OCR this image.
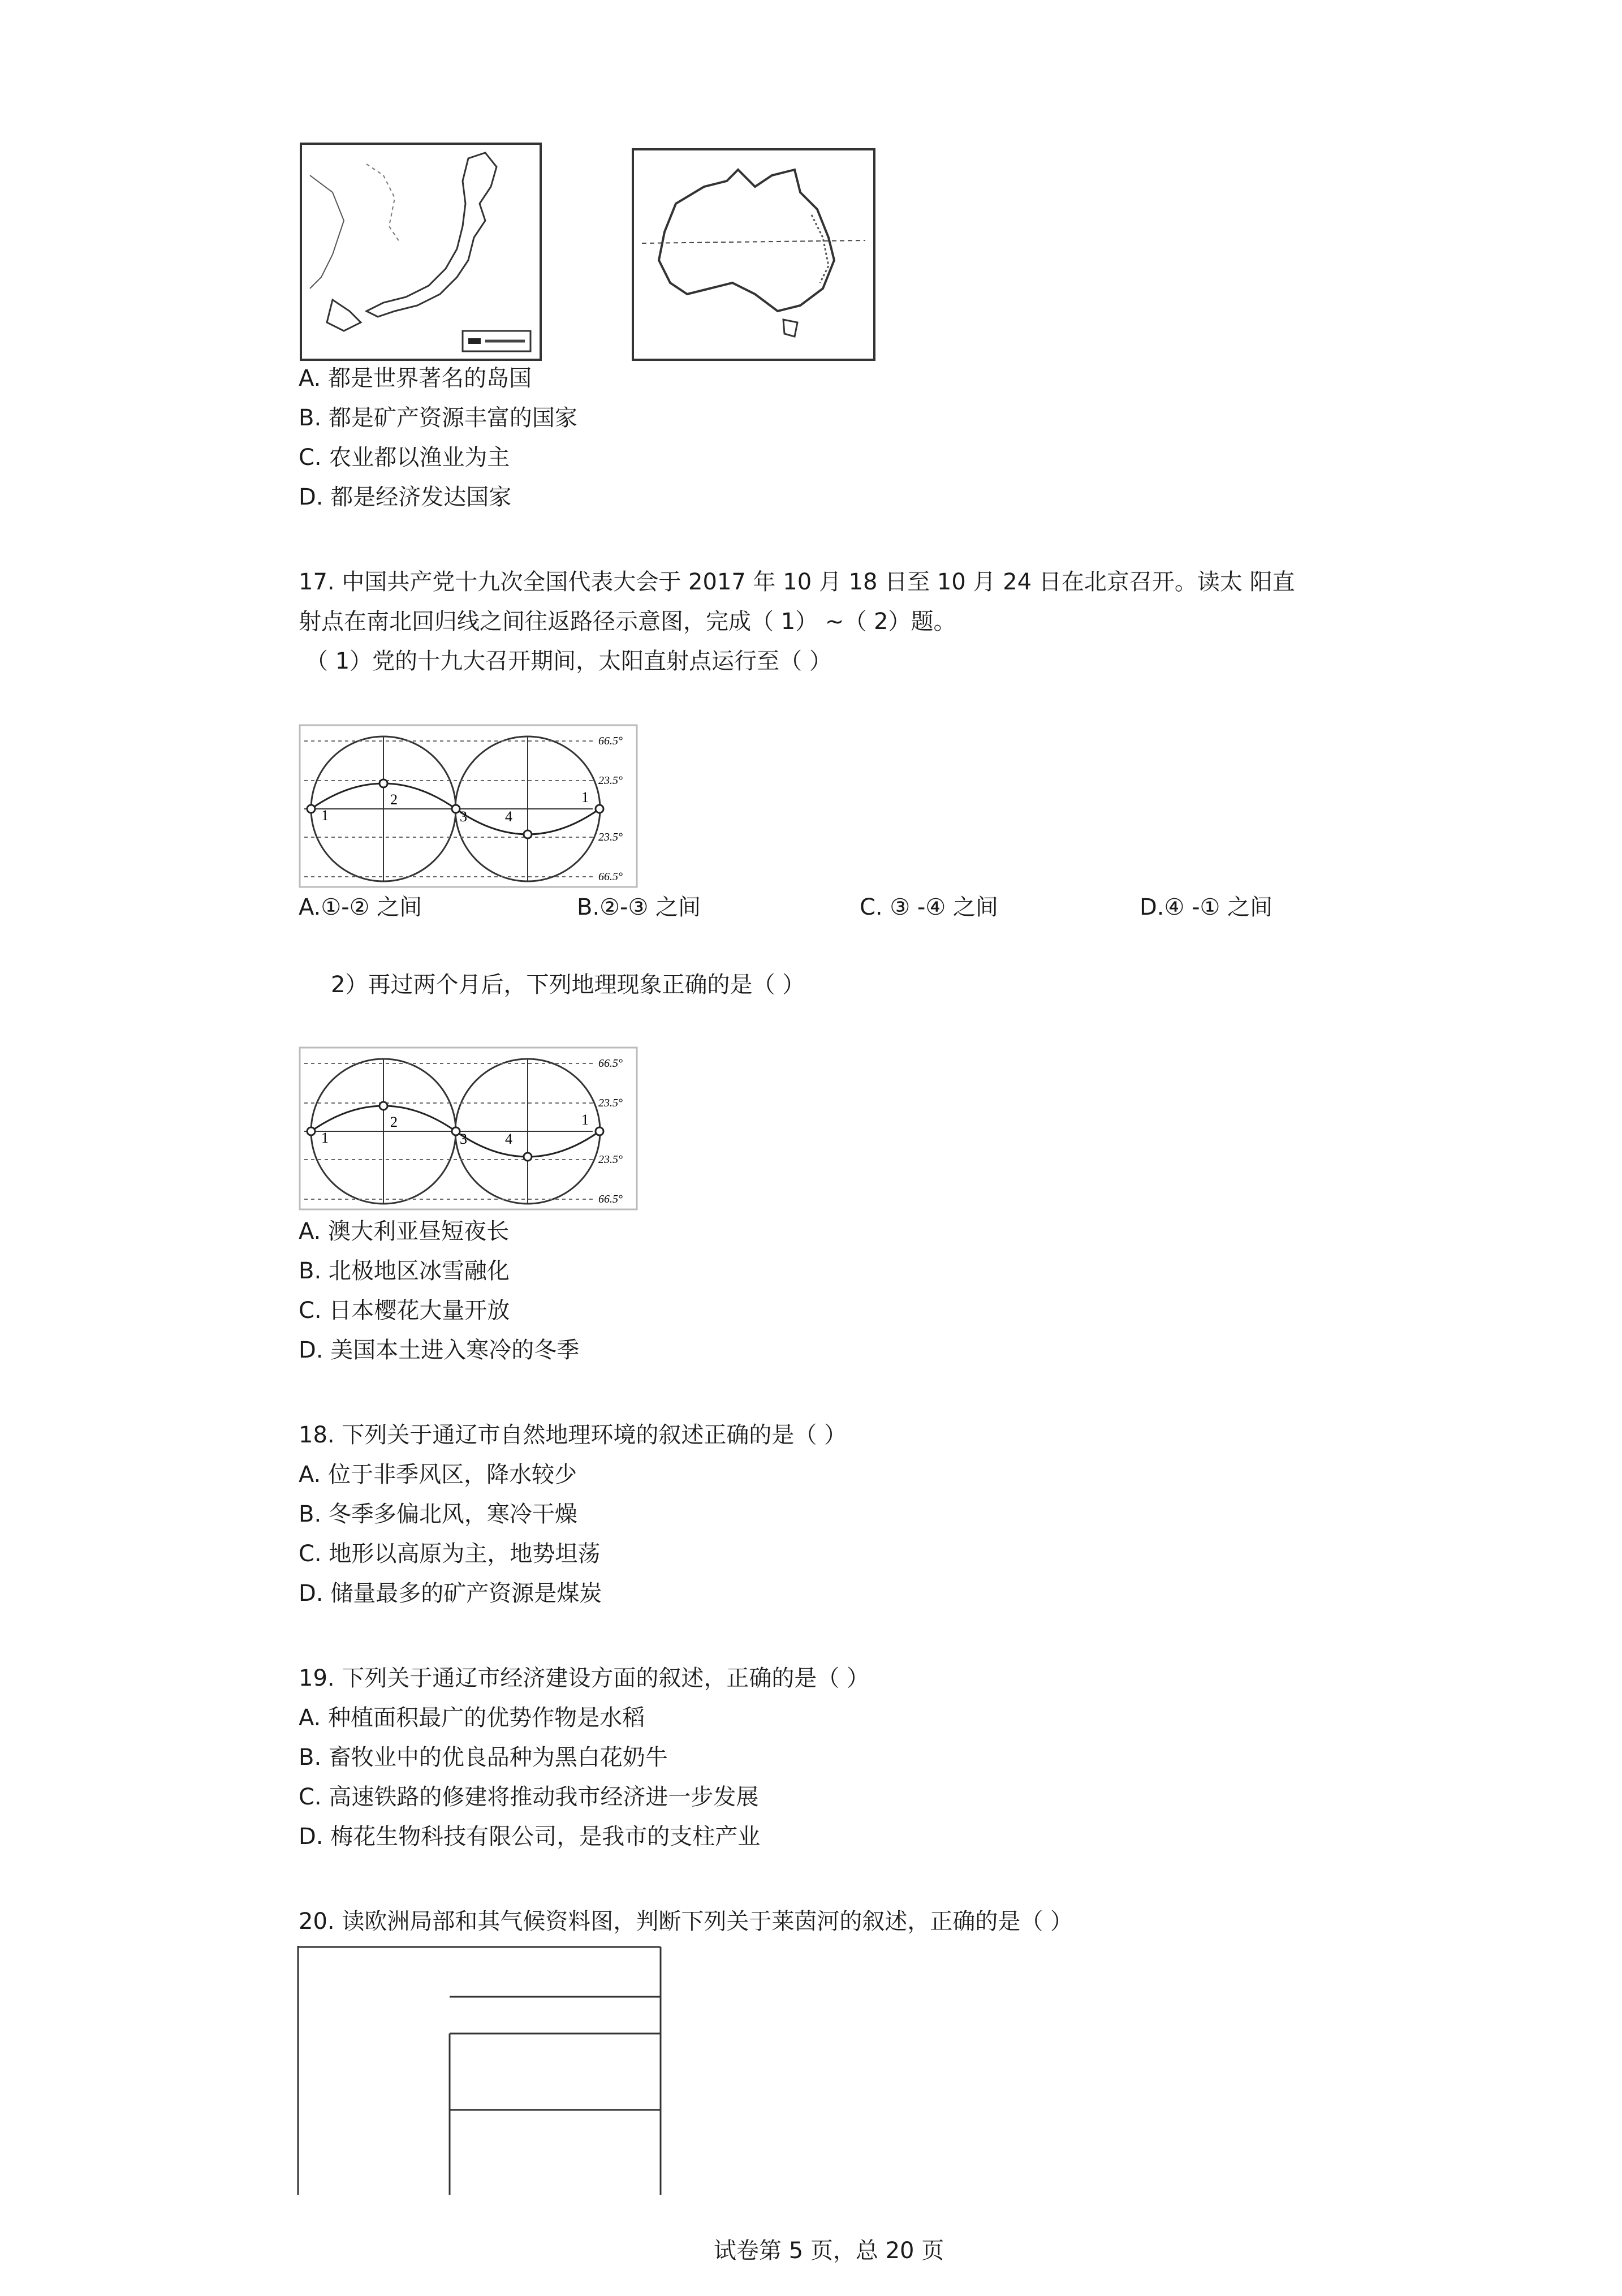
A. 都是世界著名的岛国
B. 都是矿产资源丰富的国家
C. 农业都以渔业为主
D. 都是经济发达国家
17. 中国共产党十九次全国代表大会于 2017 年 10 月 18 日至 10 月 24 日在北京召开。读太 阳直
射点在南北回归线之间往返路径示意图，完成（ 1） ~（ 2）题。
（ 1）党的十九大召开期间，太阳直射点运行至（ ）
1
2
3	4
1
66.5°
23.5°
23.5°
66.5°
A.①-② 之间	B.②-③ 之间	C. ③ -④ 之间	D.④ -① 之间
2）再过两个月后，下列地理现象正确的是（ ）
1
2
3	4
1
66.5°
23.5°
23.5°
66.5°
A. 澳大利亚昼短夜长
B. 北极地区冰雪融化
C. 日本樱花大量开放
D. 美国本土进入寒冷的冬季
18. 下列关于通辽市自然地理环境的叙述正确的是（ ）
A. 位于非季风区，降水较少
B. 冬季多偏北风，寒冷干燥
C. 地形以高原为主，地势坦荡
D. 储量最多的矿产资源是煤炭
19. 下列关于通辽市经济建设方面的叙述，正确的是（ ）
A. 种植面积最广的优势作物是水稻
B. 畜牧业中的优良品种为黑白花奶牛
C. 高速铁路的修建将推动我市经济进一步发展
D. 梅花生物科技有限公司，是我市的支柱产业
20. 读欧洲局部和其气候资料图，判断下列关于莱茵河的叙述，正确的是（ ）
试卷第 5 页，总 20 页
